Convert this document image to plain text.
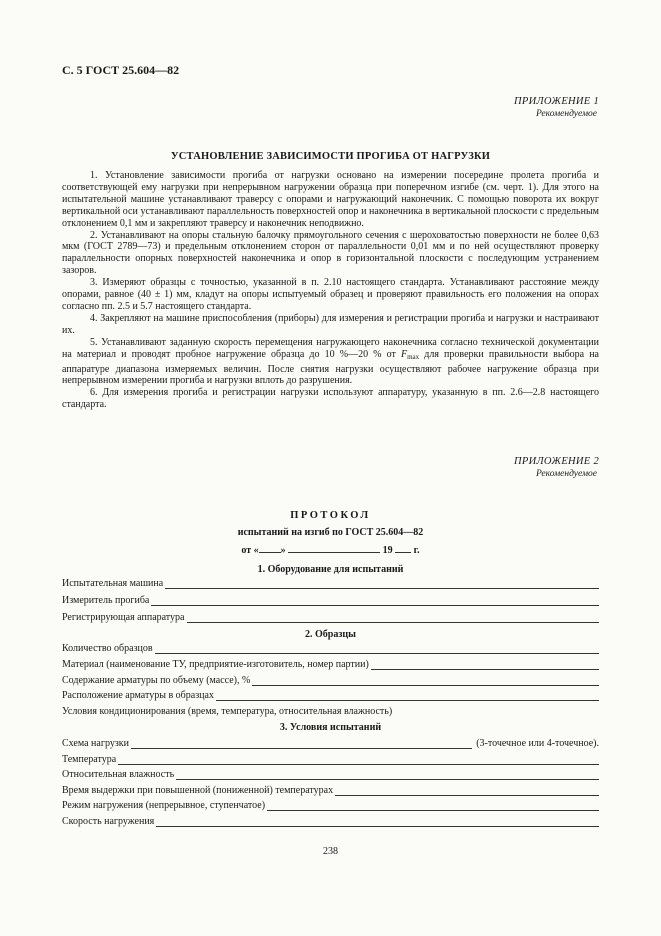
С. 5 ГОСТ 25.604—82
ПРИЛОЖЕНИЕ 1
Рекомендуемое
УСТАНОВЛЕНИЕ ЗАВИСИМОСТИ ПРОГИБА ОТ НАГРУЗКИ

1. Установление зависимости прогиба от нагрузки основано на измерении посередине пролета прогиба и соответствующей ему нагрузки при непрерывном нагружении образца при поперечном изгибе (см. черт. 1). Для этого на испытательной машине устанавливают траверсу с опорами и нагружающий наконечник. С помощью поворота их вокруг вертикальной оси устанавливают параллельность поверхностей опор и наконечника в вертикальной плоскости с предельным отклонением 0,1 мм и закрепляют траверсу и наконечник неподвижно.

2. Устанавливают на опоры стальную балочку прямоугольного сечения с шероховатостью поверхности не более 0,63 мкм (ГОСТ 2789—73) и предельным отклонением сторон от параллельности 0,01 мм и по ней осуществляют проверку параллельности опорных поверхностей наконечника и опор в горизонтальной плоскости с последующим устранением зазоров.

3. Измеряют образцы с точностью, указанной в п. 2.10 настоящего стандарта. Устанавливают расстояние между опорами, равное (40 ± 1) мм, кладут на опоры испытуемый образец и проверяют правильность его положения на опорах согласно пп. 2.5 и 5.7 настоящего стандарта.

4. Закрепляют на машине приспособления (приборы) для измерения и регистрации прогиба и нагрузки и настраивают их.

5. Устанавливают заданную скорость перемещения нагружающего наконечника согласно технической документации на материал и проводят пробное нагружение образца до 10 %—20 % от $F_{max}$ для проверки правильности выбора на аппаратуре диапазона измеряемых величин. После снятия нагрузки осуществляют рабочее нагружение образца при непрерывном измерении прогиба и нагрузки вплоть до разрушения.

6. Для измерения прогиба и регистрации нагрузки используют аппаратуру, указанную в пп. 2.6—2.8 настоящего стандарта.

ПРИЛОЖЕНИЕ 2
Рекомендуемое
ПРОТОКОЛ
испытаний на изгиб по ГОСТ 25.604—82
от « »	19 г.
1. Оборудование для испытаний
Испытательная машина
Измеритель прогиба
Регистрирующая аппаратура
2. Образцы
Количество образцов
Материал (наименование ТУ, предприятие-изготовитель, номер партии)
Содержание арматуры по объему (массе), %
Расположение арматуры в образцах
Условия кондиционирования (время, температура, относительная влажность)
3. Условия испытаний
Схема нагрузки	(3-точечное или 4-точечное).
Температура
Относительная влажность
Время выдержки при повышенной (пониженной) температурах
Режим нагружения (непрерывное, ступенчатое)
Скорость нагружения
238
